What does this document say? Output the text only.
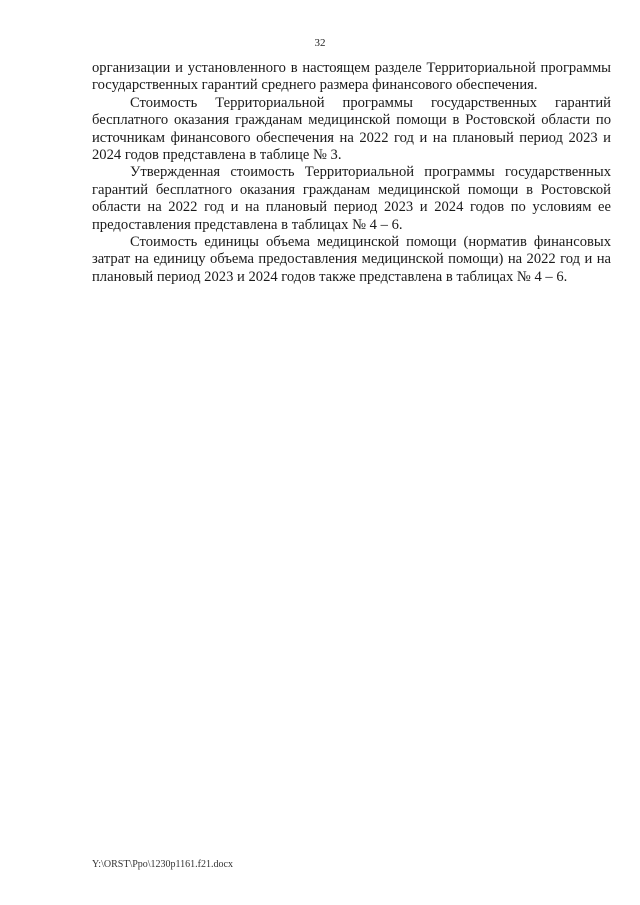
32

организации и установленного в настоящем разделе Территориальной программы государственных гарантий среднего размера финансового обеспечения.

Стоимость Территориальной программы государственных гарантий бесплатного оказания гражданам медицинской помощи в Ростовской области по источникам финансового обеспечения на 2022 год и на плановый период 2023 и 2024 годов представлена в таблице № 3.

Утвержденная стоимость Территориальной программы государственных гарантий бесплатного оказания гражданам медицинской помощи в Ростовской области на 2022 год и на плановый период 2023 и 2024 годов по условиям ее предоставления представлена в таблицах № 4 – 6.

Стоимость единицы объема медицинской помощи (норматив финансовых затрат на единицу объема предоставления медицинской помощи) на 2022 год и на плановый период 2023 и 2024 годов также представлена в таблицах № 4 – 6.

Y:\ORST\Ppo\1230p1161.f21.docx
